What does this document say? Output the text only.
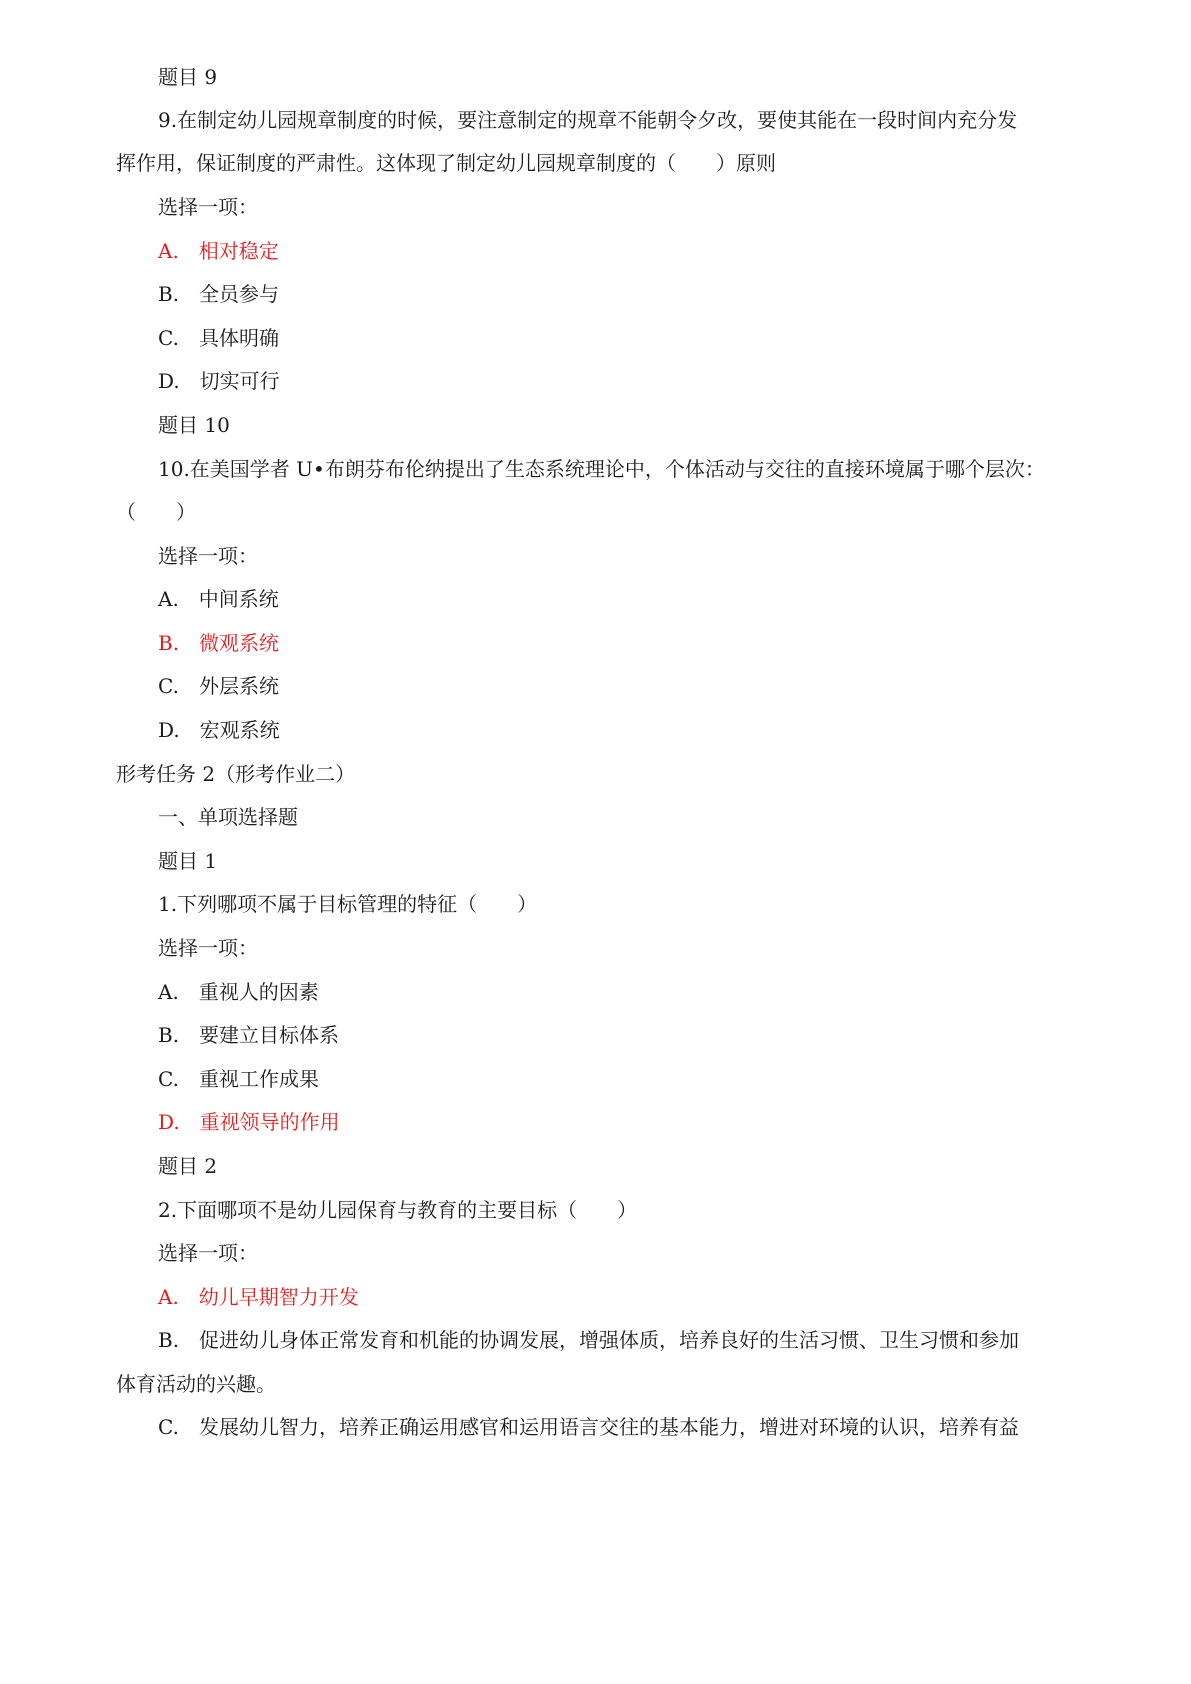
题目 9
9.在制定幼儿园规章制度的时候，要注意制定的规章不能朝令夕改，要使其能在一段时间内充分发
挥作用，保证制度的严肃性。这体现了制定幼儿园规章制度的（　　）原则
选择一项：
A.　相对稳定
B.　全员参与
C.　具体明确
D.　切实可行
题目 10
10.在美国学者 U•布朗芬布伦纳提出了生态系统理论中，个体活动与交往的直接环境属于哪个层次：
（　　）
选择一项：
A.　中间系统
B.　微观系统
C.　外层系统
D.　宏观系统
形考任务 2（形考作业二）
一、单项选择题
题目 1
1.下列哪项不属于目标管理的特征（　　）
选择一项：
A.　重视人的因素
B.　要建立目标体系
C.　重视工作成果
D.　重视领导的作用
题目 2
2.下面哪项不是幼儿园保育与教育的主要目标（　　）
选择一项：
A.　幼儿早期智力开发
B.　促进幼儿身体正常发育和机能的协调发展，增强体质，培养良好的生活习惯、卫生习惯和参加
体育活动的兴趣。
C.　发展幼儿智力，培养正确运用感官和运用语言交往的基本能力，增进对环境的认识，培养有益
